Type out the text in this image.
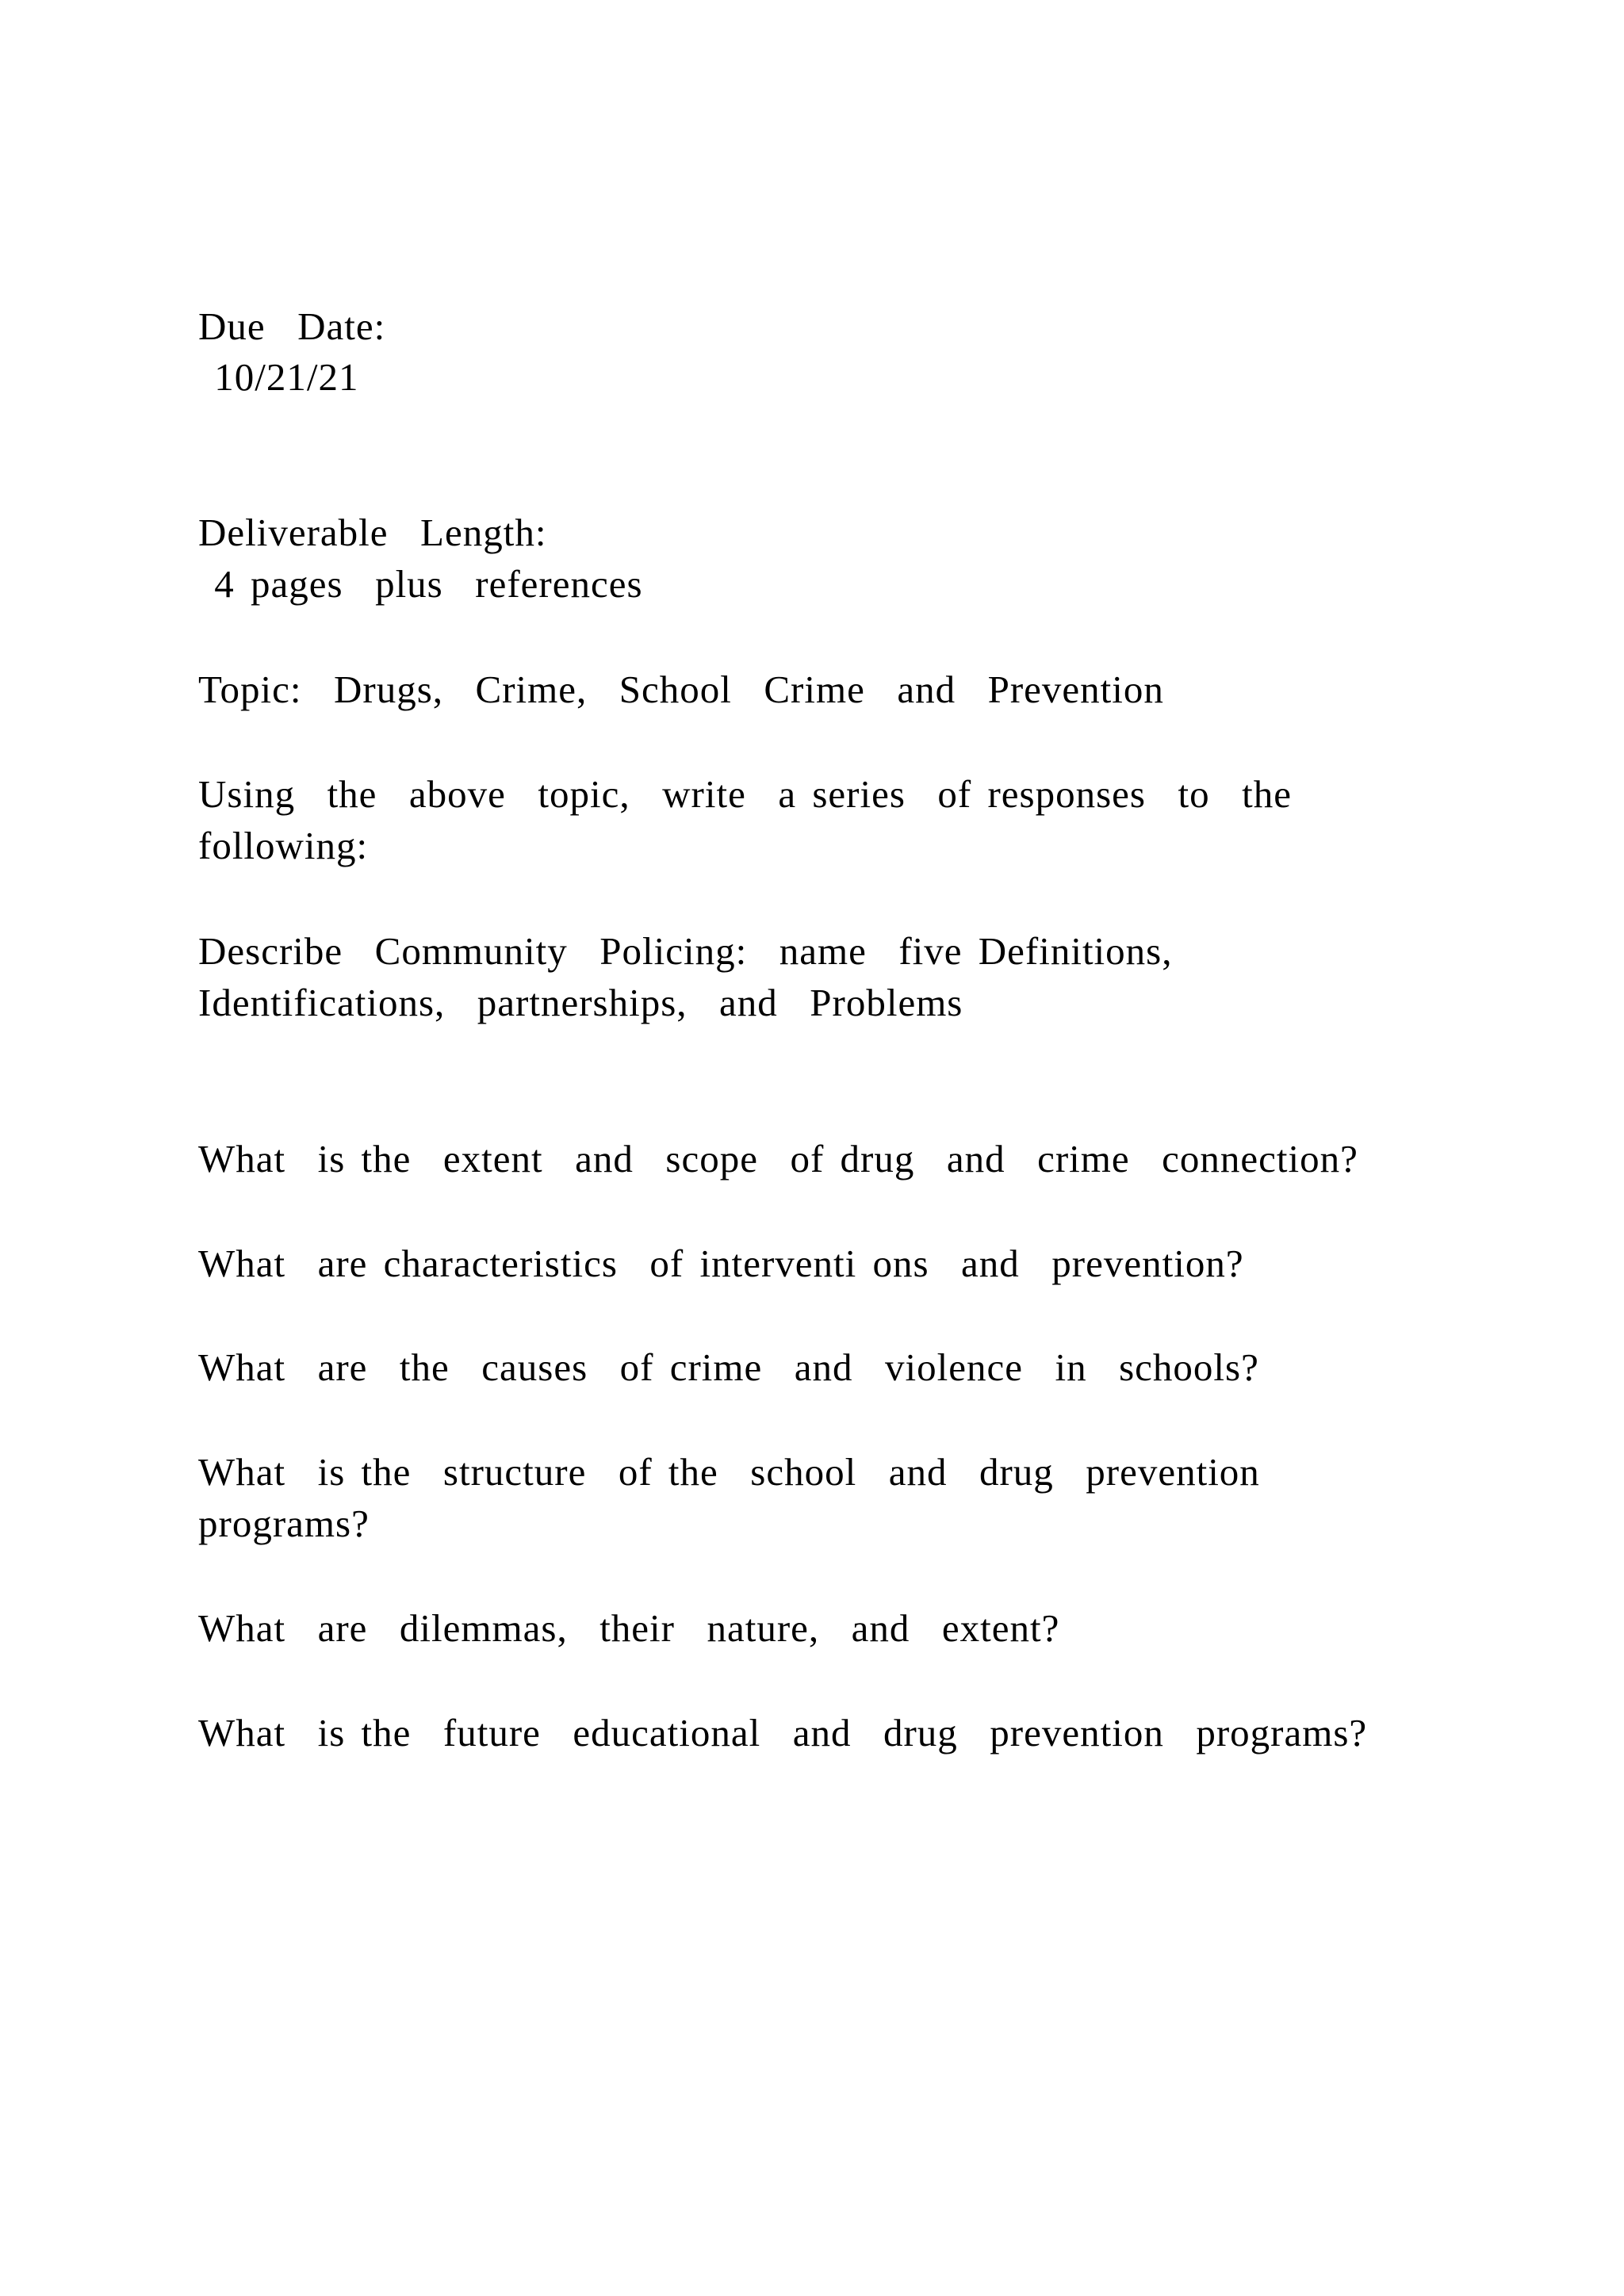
Due  Date:

10/21/21

Deliverable  Length:

4 pages  plus  references

Topic:  Drugs,  Crime,  School  Crime  and  Prevention

Using  the  above  topic,  write  a series  of responses  to  the

following:

Describe  Community  Policing:  name  five Definitions,

Identifications,  partnerships,  and  Problems

What  is the  extent  and  scope  of drug  and  crime  connection?

What  are characteristics  of interventi ons  and  prevention?

What  are  the  causes  of crime  and  violence  in  schools?

What  is the  structure  of the  school  and  drug  prevention

programs?

What  are  dilemmas,  their  nature,  and  extent?

What  is the  future  educational  and  drug  prevention  programs?
